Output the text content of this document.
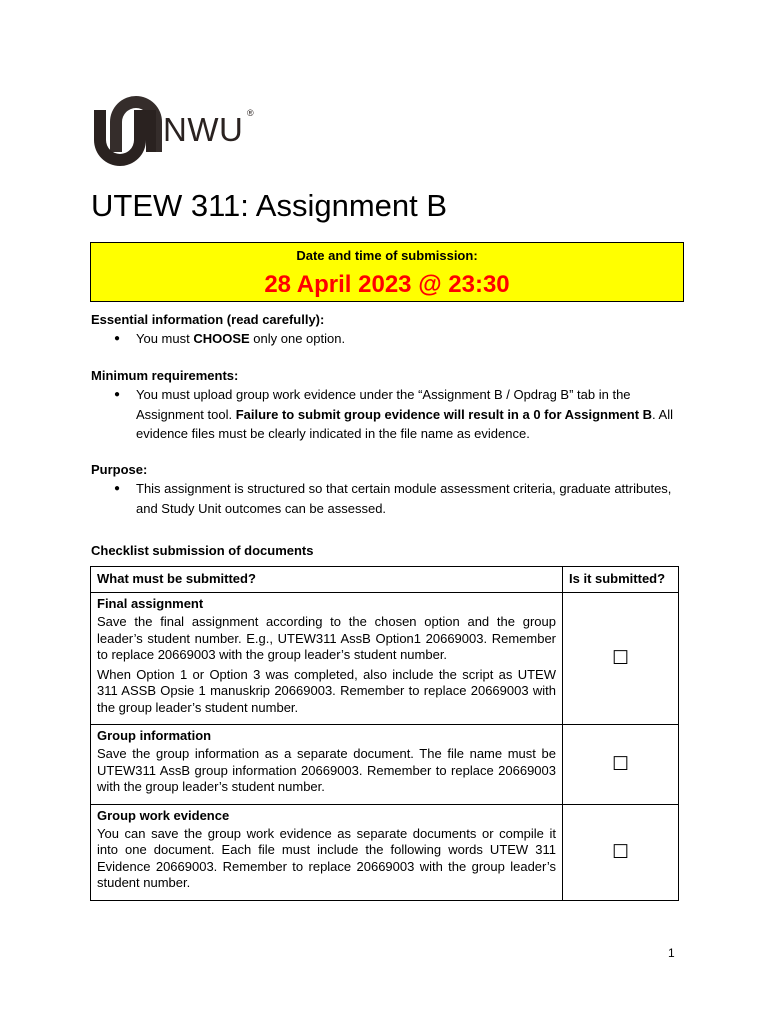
NWU ®
UTEW 311: Assignment B
Date and time of submission:
28 April 2023 @ 23:30
Essential information (read carefully):
● You must CHOOSE only one option.
Minimum requirements:
● You must upload group work evidence under the “Assignment B / Opdrag B” tab in the Assignment tool. Failure to submit group evidence will result in a 0 for Assignment B. All evidence files must be clearly indicated in the file name as evidence.
Purpose:
● This assignment is structured so that certain module assessment criteria, graduate attributes, and Study Unit outcomes can be assessed.
Checklist submission of documents
What must be submitted?	Is it submitted?

Final assignment

Save the final assignment according to the chosen option and the group leader’s student number. E.g., UTEW311 AssB Option1 20669003. Remember to replace 20669003 with the group leader’s student number.

When Option 1 or Option 3 was completed, also include the script as UTEW 311 ASSB Opsie 1 manuskrip 20669003. Remember to replace 20669003 with the group leader’s student number.	☐

Group information

Save the group information as a separate document. The file name must be UTEW311 AssB group information 20669003. Remember to replace 20669003 with the group leader’s student number.	☐

Group work evidence

You can save the group work evidence as separate documents or compile it into one document. Each file must include the following words UTEW 311 Evidence 20669003. Remember to replace 20669003 with the group leader’s student number.	☐
1
